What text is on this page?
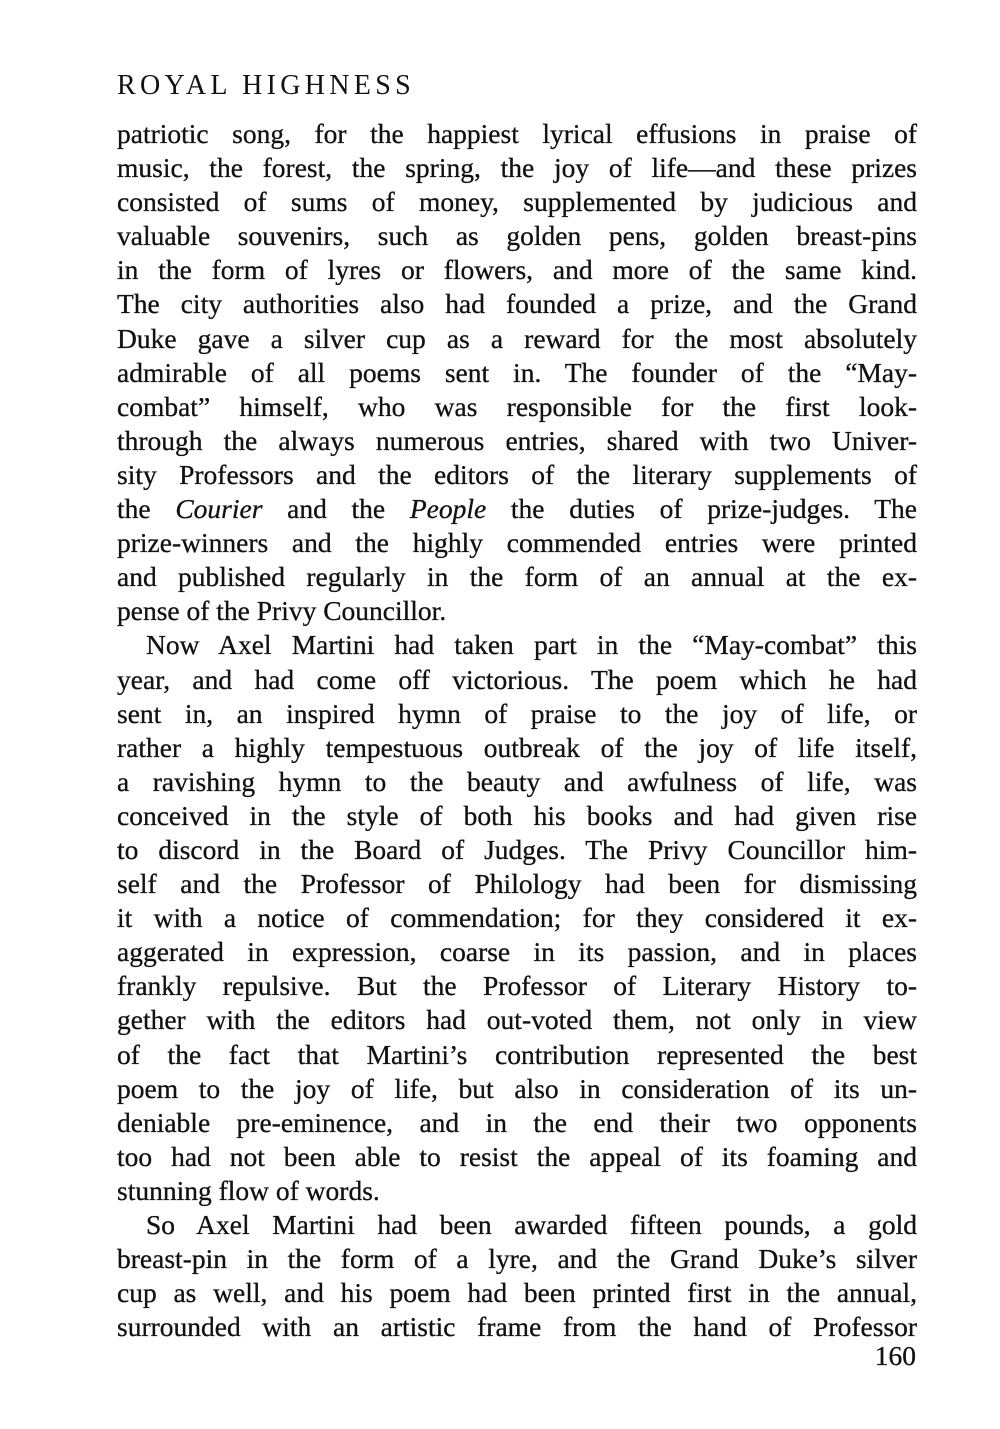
ROYAL HIGHNESS
patriotic song, for the happiest lyrical effusions in praise of
music, the forest, the spring, the joy of life—and these prizes
consisted of sums of money, supplemented by judicious and
valuable souvenirs, such as golden pens, golden breast-pins
in the form of lyres or flowers, and more of the same kind.
The city authorities also had founded a prize, and the Grand
Duke gave a silver cup as a reward for the most absolutely
admirable of all poems sent in. The founder of the “May-
combat” himself, who was responsible for the first look-
through the always numerous entries, shared with two Univer-
sity Professors and the editors of the literary supplements of
the Courier and the People the duties of prize-judges. The
prize-winners and the highly commended entries were printed
and published regularly in the form of an annual at the ex-
pense of the Privy Councillor.
Now Axel Martini had taken part in the “May-combat” this
year, and had come off victorious. The poem which he had
sent in, an inspired hymn of praise to the joy of life, or
rather a highly tempestuous outbreak of the joy of life itself,
a ravishing hymn to the beauty and awfulness of life, was
conceived in the style of both his books and had given rise
to discord in the Board of Judges. The Privy Councillor him-
self and the Professor of Philology had been for dismissing
it with a notice of commendation; for they considered it ex-
aggerated in expression, coarse in its passion, and in places
frankly repulsive. But the Professor of Literary History to-
gether with the editors had out-voted them, not only in view
of the fact that Martini’s contribution represented the best
poem to the joy of life, but also in consideration of its un-
deniable pre-eminence, and in the end their two opponents
too had not been able to resist the appeal of its foaming and
stunning flow of words.
So Axel Martini had been awarded fifteen pounds, a gold
breast-pin in the form of a lyre, and the Grand Duke’s silver
cup as well, and his poem had been printed first in the annual,
surrounded with an artistic frame from the hand of Professor
160
